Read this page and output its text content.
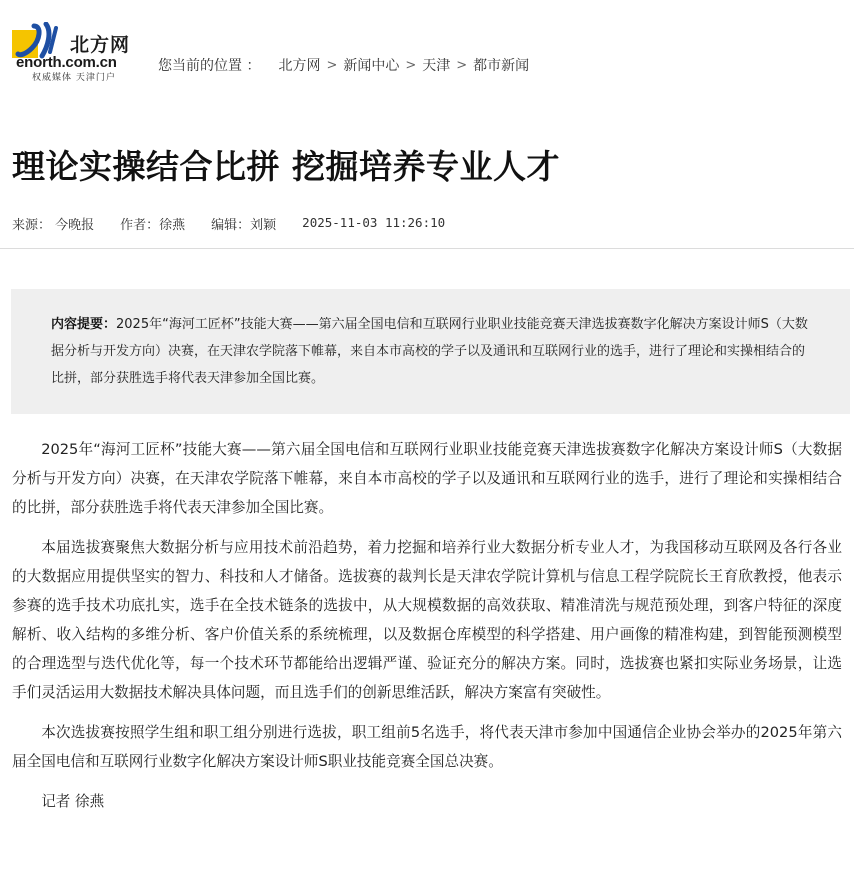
北方网
enorth.com.cn
权威媒体 天津门户
您当前的位置 ： 北方网 > 新闻中心 > 天津 > 都市新闻
理论实操结合比拼 挖掘培养专业人才
来源： 今晚报 作者：徐燕 编辑：刘颖 2025-11-03 11:26:10
内容提要：2025年“海河工匠杯”技能大赛——第六届全国电信和互联网行业职业技能竞赛天津选拔赛数字化解决方案设计师S（大数据分析与开发方向）决赛，在天津农学院落下帷幕，来自本市高校的学子以及通讯和互联网行业的选手，进行了理论和实操相结合的比拼，部分获胜选手将代表天津参加全国比赛。

2025年“海河工匠杯”技能大赛——第六届全国电信和互联网行业职业技能竞赛天津选拔赛数字化解决方案设计师S（大数据分析与开发方向）决赛，在天津农学院落下帷幕，来自本市高校的学子以及通讯和互联网行业的选手，进行了理论和实操相结合的比拼，部分获胜选手将代表天津参加全国比赛。

本届选拔赛聚焦大数据分析与应用技术前沿趋势，着力挖掘和培养行业大数据分析专业人才，为我国移动互联网及各行各业的大数据应用提供坚实的智力、科技和人才储备。选拔赛的裁判长是天津农学院计算机与信息工程学院院长王育欣教授，他表示参赛的选手技术功底扎实，选手在全技术链条的选拔中，从大规模数据的高效获取、精准清洗与规范预处理，到客户特征的深度解析、收入结构的多维分析、客户价值关系的系统梳理，以及数据仓库模型的科学搭建、用户画像的精准构建，到智能预测模型的合理选型与迭代优化等，每一个技术环节都能给出逻辑严谨、验证充分的解决方案。同时，选拔赛也紧扣实际业务场景，让选手们灵活运用大数据技术解决具体问题，而且选手们的创新思维活跃，解决方案富有突破性。

本次选拔赛按照学生组和职工组分别进行选拔，职工组前5名选手，将代表天津市参加中国通信企业协会举办的2025年第六届全国电信和互联网行业数字化解决方案设计师S职业技能竞赛全国总决赛。

记者 徐燕
